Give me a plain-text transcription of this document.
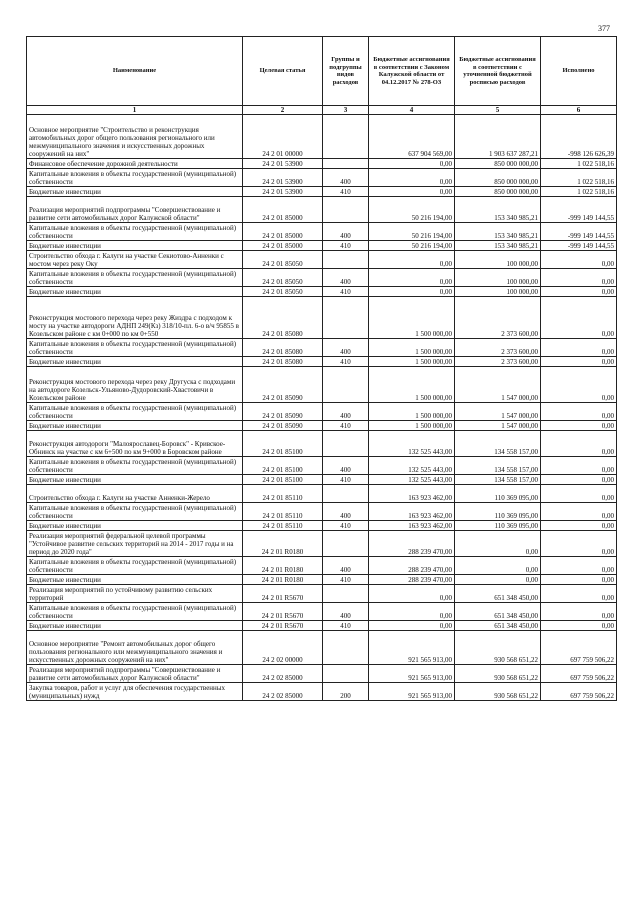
377
Наименование	Целевая статья	Группы и подгруппы видов расходов	Бюджетные ассигнования в соответствии с Законом Калужской области от 04.12.2017 № 278-ОЗ	Бюджетные ассигнования в соответствии с уточненной бюджетной росписью расходов	Исполнено
1	2	3	4	5	6
Основное мероприятие "Строительство и реконструкция автомобильных дорог общего пользования регионального или межмуниципального значения и искусственных дорожных сооружений на них"	24 2 01 00000		637 904 569,00	1 903 637 287,21	-998 126 626,39
Финансовое обеспечение дорожной деятельности	24 2 01 53900		0,00	850 000 000,00	1 022 518,16
Капитальные вложения в объекты государственной (муниципальной) собственности	24 2 01 53900	400	0,00	850 000 000,00	1 022 518,16
Бюджетные инвестиции	24 2 01 53900	410	0,00	850 000 000,00	1 022 518,16
Реализация мероприятий подпрограммы "Совершенствование и развитие сети автомобильных дорог Калужской области"	24 2 01 85000		50 216 194,00	153 340 985,21	-999 149 144,55
Капитальные вложения в объекты государственной (муниципальной) собственности	24 2 01 85000	400	50 216 194,00	153 340 985,21	-999 149 144,55
Бюджетные инвестиции	24 2 01 85000	410	50 216 194,00	153 340 985,21	-999 149 144,55
Строительство обхода г. Калуги на участке Секиотово-Анненки с мостом через реку Оку	24 2 01 85050		0,00	100 000,00	0,00
Капитальные вложения в объекты государственной (муниципальной) собственности	24 2 01 85050	400	0,00	100 000,00	0,00
Бюджетные инвестиции	24 2 01 85050	410	0,00	100 000,00	0,00
Реконструкция мостового перехода через реку Жиздра с подходом к мосту на участке автодороги АДНП 249(Кз) 318/10-пл. 6-о в/ч 95855 в Козельском районе с км 0+000 по км 0+550	24 2 01 85080		1 500 000,00	2 373 600,00	0,00
Капитальные вложения в объекты государственной (муниципальной) собственности	24 2 01 85080	400	1 500 000,00	2 373 600,00	0,00
Бюджетные инвестиции	24 2 01 85080	410	1 500 000,00	2 373 600,00	0,00
Реконструкция мостового перехода через реку Другуска с подходами на автодороге Козельск-Ульяново-Дудоровский-Хвастовичи в Козельском районе	24 2 01 85090		1 500 000,00	1 547 000,00	0,00
Капитальные вложения в объекты государственной (муниципальной) собственности	24 2 01 85090	400	1 500 000,00	1 547 000,00	0,00
Бюджетные инвестиции	24 2 01 85090	410	1 500 000,00	1 547 000,00	0,00
Реконструкция автодороги "Малоярославец-Боровск" - Кривское-Обнинск на участке с км 6+500 по км 9+000 в Боровском районе	24 2 01 85100		132 525 443,00	134 558 157,00	0,00
Капитальные вложения в объекты государственной (муниципальной) собственности	24 2 01 85100	400	132 525 443,00	134 558 157,00	0,00
Бюджетные инвестиции	24 2 01 85100	410	132 525 443,00	134 558 157,00	0,00
Строительство обхода г. Калуги на участке Анненки-Жерело	24 2 01 85110		163 923 462,00	110 369 095,00	0,00
Капитальные вложения в объекты государственной (муниципальной) собственности	24 2 01 85110	400	163 923 462,00	110 369 095,00	0,00
Бюджетные инвестиции	24 2 01 85110	410	163 923 462,00	110 369 095,00	0,00
Реализация мероприятий федеральной целевой программы "Устойчивое развитие сельских территорий на 2014 - 2017 годы и на период до 2020 года"	24 2 01 R0180		288 239 470,00	0,00	0,00
Капитальные вложения в объекты государственной (муниципальной) собственности	24 2 01 R0180	400	288 239 470,00	0,00	0,00
Бюджетные инвестиции	24 2 01 R0180	410	288 239 470,00	0,00	0,00
Реализация мероприятий по устойчивому развитию сельских территорий	24 2 01 R5670		0,00	651 348 450,00	0,00
Капитальные вложения в объекты государственной (муниципальной) собственности	24 2 01 R5670	400	0,00	651 348 450,00	0,00
Бюджетные инвестиции	24 2 01 R5670	410	0,00	651 348 450,00	0,00
Основное мероприятие "Ремонт автомобильных дорог общего пользования регионального или межмуниципального значения и искусственных дорожных сооружений на них"	24 2 02 00000		921 565 913,00	930 568 651,22	697 759 506,22
Реализация мероприятий подпрограммы "Совершенствование и развитие сети автомобильных дорог Калужской области"	24 2 02 85000		921 565 913,00	930 568 651,22	697 759 506,22
Закупка товаров, работ и услуг для обеспечения государственных (муниципальных) нужд	24 2 02 85000	200	921 565 913,00	930 568 651,22	697 759 506,22
